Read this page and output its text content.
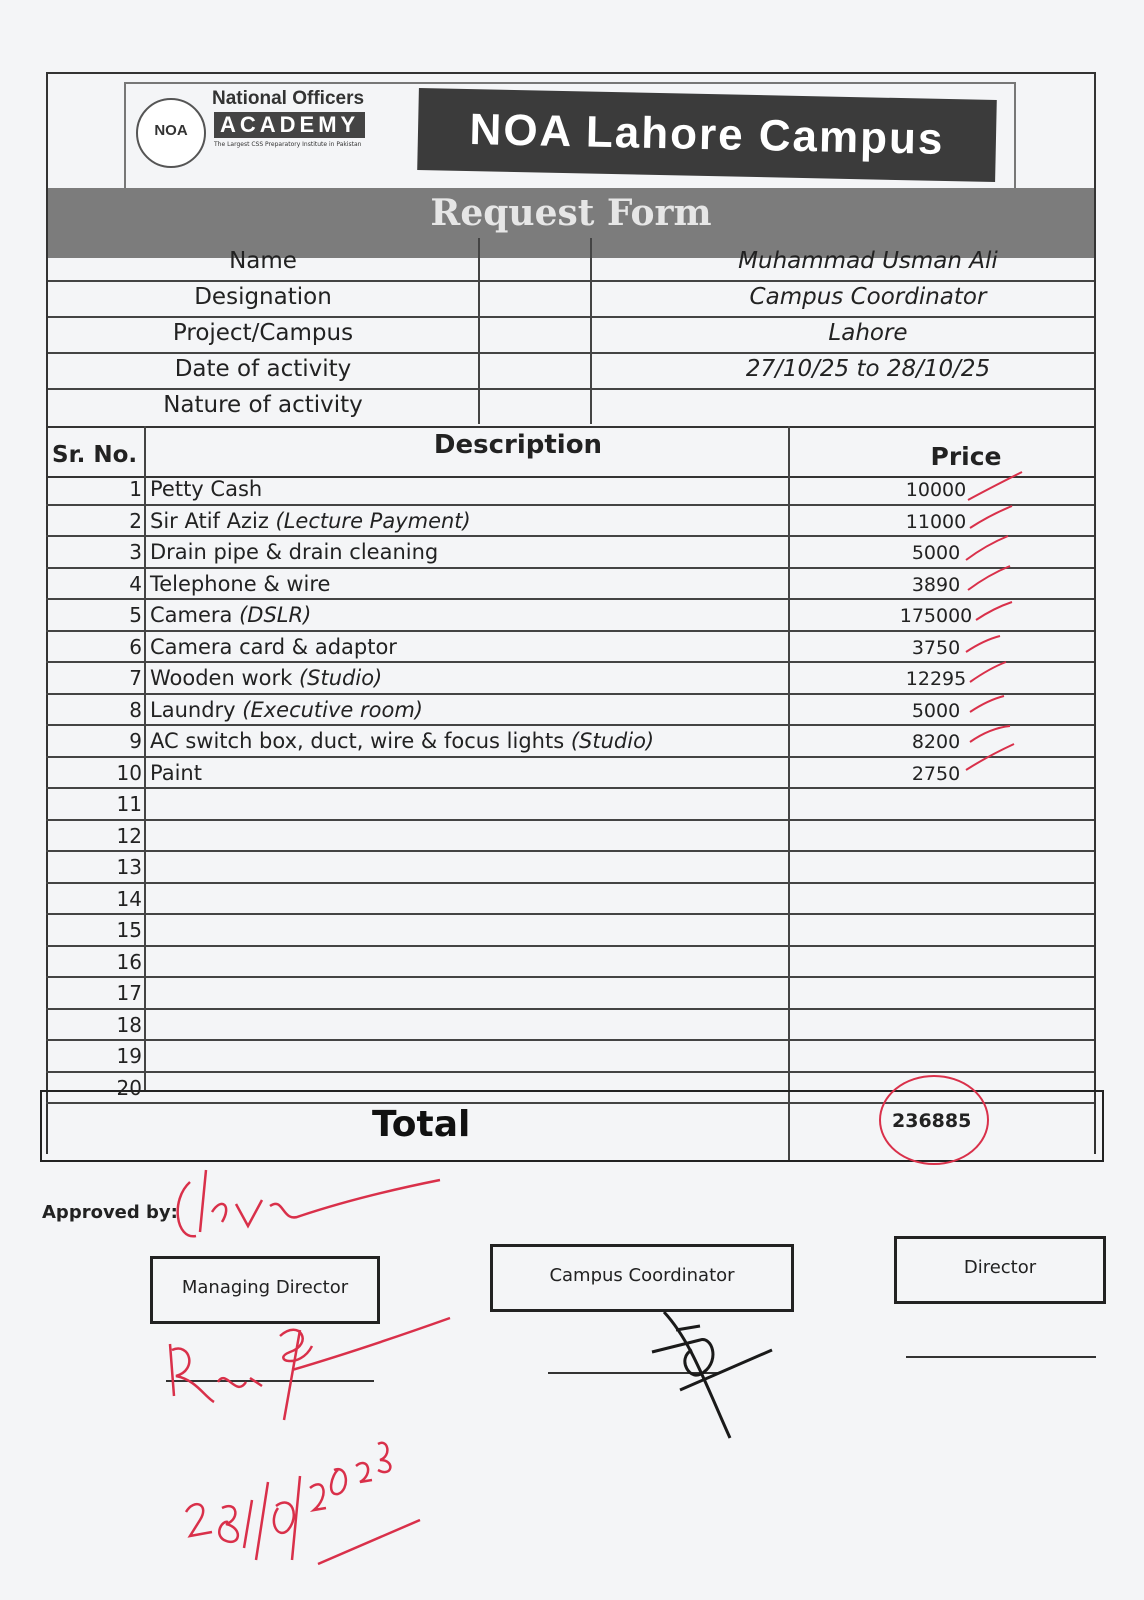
NOA
National Officers
ACADEMY
The Largest CSS Preparatory Institute in Pakistan	NOA Lahore Campus
Request Form
Name	Muhammad Usman Ali
Designation	Campus Coordinator
Project/Campus	Lahore
Date of activity	27/10/25 to 28/10/25
Nature of activity
Sr. No.	Description	Price
1 Petty Cash	10000
2 Sir Atif Aziz (Lecture Payment)	11000
3 Drain pipe & drain cleaning	5000
4 Telephone & wire	3890
5 Camera (DSLR)	175000
6 Camera card & adaptor	3750
7 Wooden work (Studio)	12295
8 Laundry (Executive room)	5000
9 AC switch box, duct, wire & focus lights (Studio)	8200
10 Paint	2750
11
12
13
14
15
16
17
18
19
20
Total	236885
Approved by:
Managing Director
Campus Coordinator	Director
